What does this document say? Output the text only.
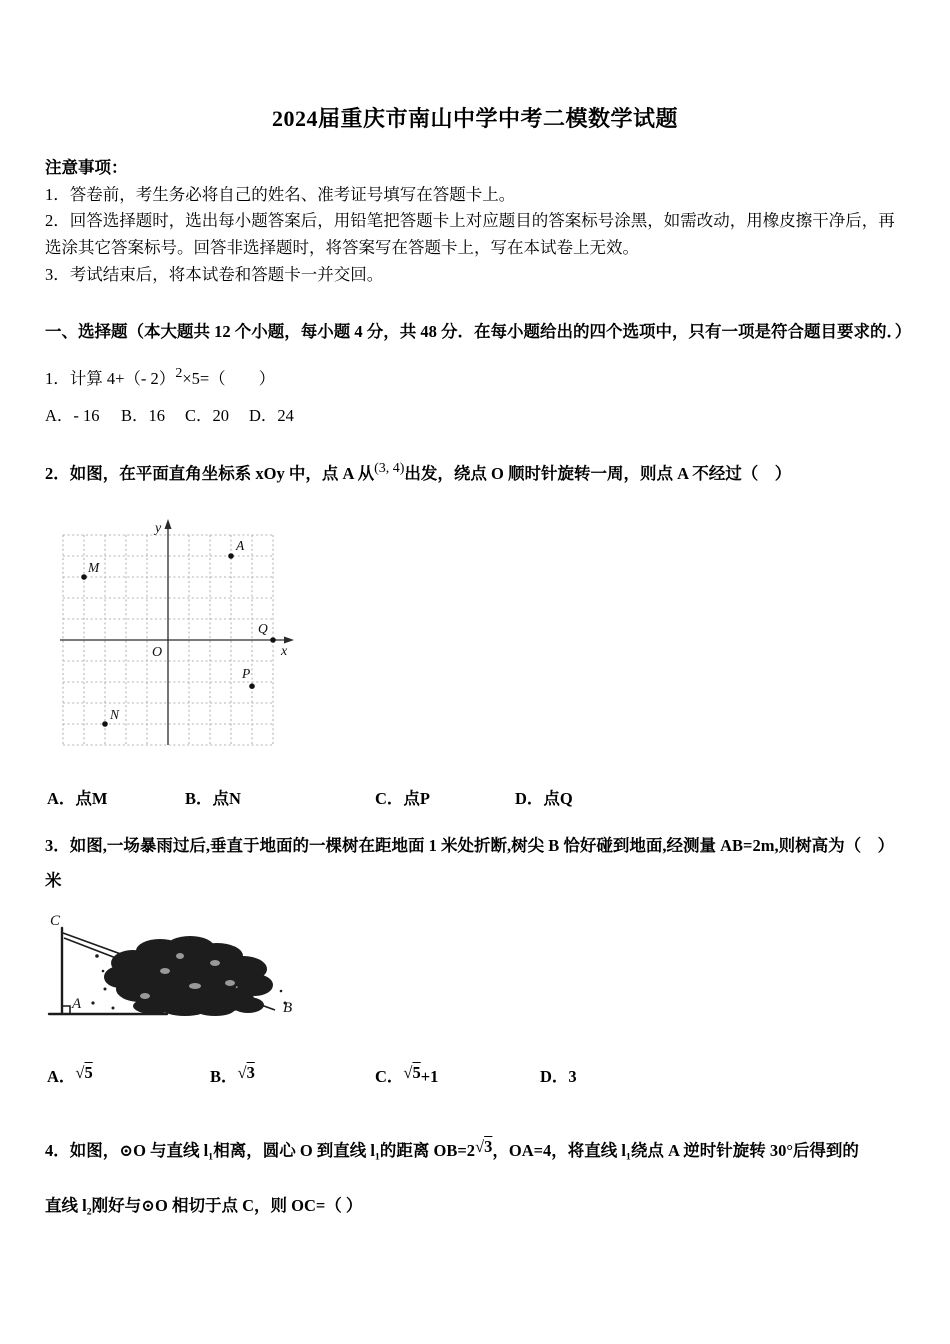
2024届重庆市南山中学中考二模数学试题

注意事项：

1．答卷前，考生务必将自己的姓名、准考证号填写在答题卡上。

2．回答选择题时，选出每小题答案后，用铅笔把答题卡上对应题目的答案标号涂黑，如需改动，用橡皮擦干净后，再选涂其它答案标号。回答非选择题时，将答案写在答题卡上，写在本试卷上无效。

3．考试结束后，将本试卷和答题卡一并交回。

一、选择题（本大题共 12 个小题，每小题 4 分，共 48 分．在每小题给出的四个选项中，只有一项是符合题目要求的．）

1．计算 4+（- 2）$^2$×5=（　　）

A．- 16 B．16 C．20 D．24

2．如图，在平面直角坐标系 xOy 中，点 A 从$^{(3, 4)}$出发，绕点 O 顺时针旋转一周，则点 A 不经过（　）

y
x
O
A
M
Q
P
N
A．点M	B．点N	C．点P	D．点Q

3．如图,一场暴雨过后,垂直于地面的一棵树在距地面 1 米处折断,树尖 B 恰好碰到地面,经测量 AB=2m,则树高为（　）

米

C
A	B
A．√5	B．√3	C．√5+1	D．3

4．如图，⊙O 与直线 l₁相离，圆心 O 到直线 l₁的距离 OB=2√3，OA=4，将直线 l₁绕点 A 逆时针旋转 30°后得到的

直线 l₂刚好与⊙O 相切于点 C，则 OC=（ ）
